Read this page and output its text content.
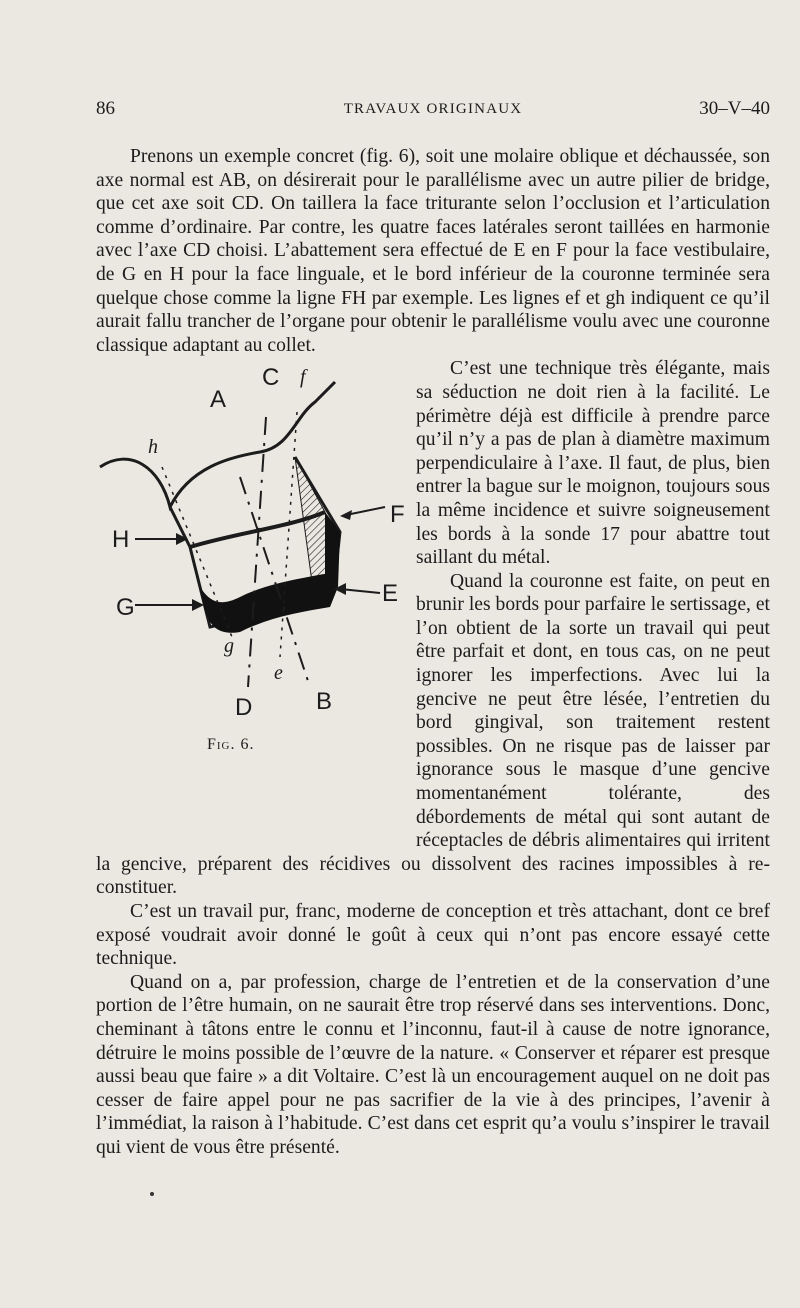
86	TRAVAUX ORIGINAUX	30–V–40

Prenons un exemple concret (fig. 6), soit une molaire oblique et déchaussée, son axe normal est AB, on désirerait pour le parallélisme avec un autre pilier de bridge, que cet axe soit CD. On taillera la face triturante selon l’occlusion et l’articulation comme d’ordinaire. Par contre, les quatre faces latérales seront taillées en harmonie avec l’axe CD choisi. L’abattement sera effectué de E en F pour la face vestibulaire, de G en H pour la face linguale, et le bord inférieur de la couronne terminée sera quelque chose comme la ligne FH par exemple. Les lignes ef et gh indiquent ce qu’il aurait fallu trancher de l’organe pour obtenir le parallélisme voulu avec une couronne classique adaptant au collet.

A
C
F
H
G
E
D	B
f
h
g
e
Fig. 6.
C’est une technique très élégante, mais sa séduction ne doit rien à la facilité. Le périmètre déjà est difficile à prendre parce qu’il n’y a pas de plan à diamètre maximum perpendiculaire à l’axe. Il faut, de plus, bien entrer la bague sur le moignon, toujours sous la même incidence et suivre soigneusement les bords à la sonde 17 pour abattre tout saillant du métal.

Quand la couronne est faite, on peut en brunir les bords pour parfaire le sertissage, et l’on obtient de la sorte un travail qui peut être parfait et dont, en tous cas, on ne peut ignorer les imperfections. Avec lui la gencive ne peut être lésée, l’entretien du bord gingival, son traitement restent possibles. On ne risque pas de laisser par ignorance sous le masque d’une gencive momentanément tolérante, des débordements de métal qui sont autant de réceptacles de débris alimentaires qui irritent la gencive, préparent des récidives ou dissolvent des racines impossibles à reconstituer.

C’est un travail pur, franc, moderne de conception et très attachant, dont ce bref exposé voudrait avoir donné le goût à ceux qui n’ont pas encore essayé cette technique.

Quand on a, par profession, charge de l’entretien et de la conservation d’une portion de l’être humain, on ne saurait être trop réservé dans ses interventions. Donc, cheminant à tâtons entre le connu et l’inconnu, faut-il à cause de notre ignorance, détruire le moins possible de l’œuvre de la nature. « Conserver et réparer est presque aussi beau que faire » a dit Voltaire. C’est là un encouragement auquel on ne doit pas cesser de faire appel pour ne pas sacrifier de la vie à des principes, l’avenir à l’immédiat, la raison à l’habitude. C’est dans cet esprit qu’a voulu s’inspirer le travail qui vient de vous être présenté.
